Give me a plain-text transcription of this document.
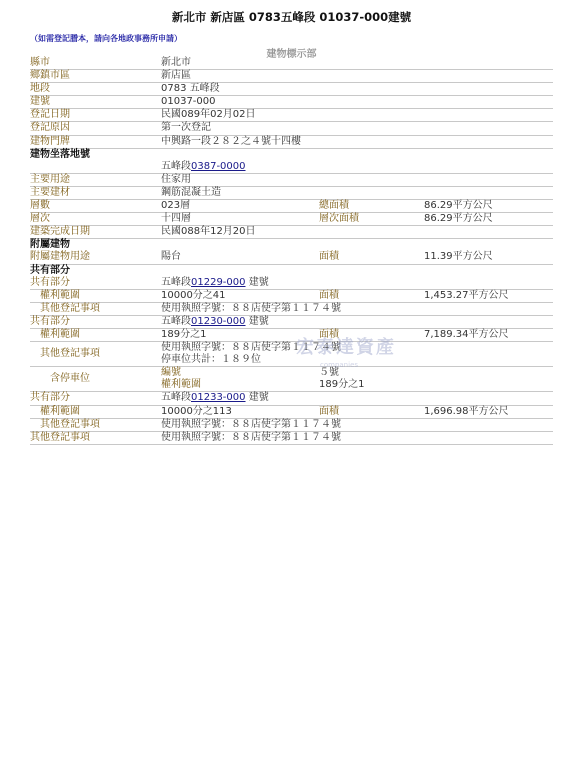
新北市 新店區 0783五峰段 01037-000建號
（如需登記謄本，請向各地政事務所申請）
建物標示部
縣市	新北市
鄉鎮市區	新店區
地段	0783 五峰段
建號	01037-000
登記日期	民國089年02月02日
登記原因	第一次登記
建物門牌	中興路一段２８２之４號十四樓
建物坐落地號
五峰段0387-0000
主要用途	住家用
主要建材	鋼筋混凝土造
層數	023層	總面積	86.29平方公尺
層次	十四層	層次面積	86.29平方公尺
建築完成日期	民國088年12月20日
附屬建物
附屬建物用途	陽台	面積	11.39平方公尺
共有部分
共有部分	五峰段01229-000 建號
　權利範圍	10000分之41	面積	1,453.27平方公尺
　其他登記事項	使用執照字號：８８店使字第１１７４號
共有部分	五峰段01230-000 建號
　權利範圍	189分之1	面積	7,189.34平方公尺
　其他登記事項
使用執照字號：８８店使字第１１７４號
停車位共計：１８９位
　　含停車位
編號	５號
權利範圍	189分之1
共有部分	五峰段01233-000 建號
　權利範圍	10000分之113	面積	1,696.98平方公尺
　其他登記事項	使用執照字號：８８店使字第１１７４號
其他登記事項	使用執照字號：８８店使字第１１７４號
宏泰達資產
companies
